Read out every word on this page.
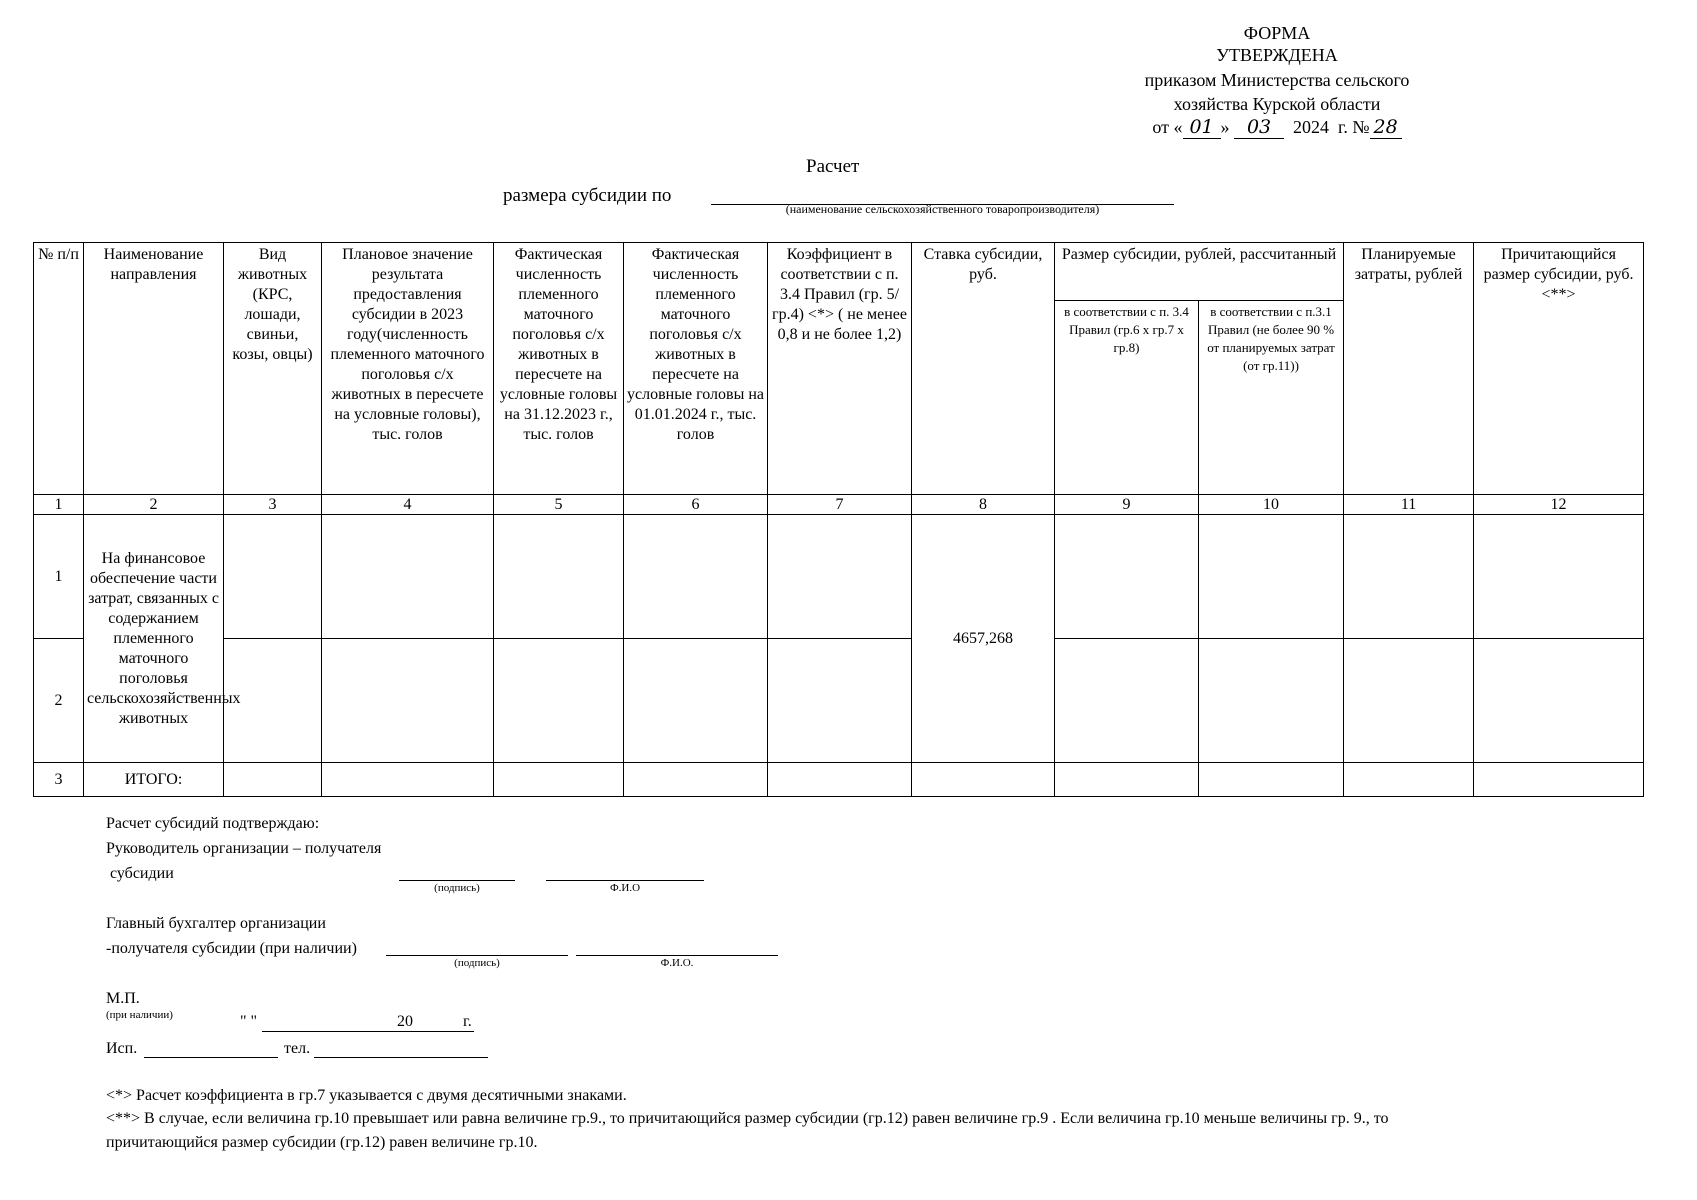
ФОРМА
УТВЕРЖДЕНА
приказом Министерства сельского
хозяйства Курской области
от « 01 » 03 2024 г. № 28
Расчет
размера субсидии по
(наименование сельскохозяйственного товаропроизводителя)
№ п/п	Наименование направления	Вид животных (КРС, лошади, свиньи, козы, овцы)	Плановое значение результата предоставления субсидии в 2023 году(численность племенного маточного поголовья с/х животных в пересчете на условные головы), тыс. голов	Фактическая численность племенного маточного поголовья с/х животных в пересчете на условные головы на 31.12.2023 г., тыс. голов	Фактическая численность племенного маточного поголовья с/х животных в пересчете на условные головы на 01.01.2024 г., тыс. голов	Коэффициент в соответствии с п. 3.4 Правил (гр. 5/гр.4) <*> ( не менее 0,8 и не более 1,2)	Ставка субсидии, руб.	Размер субсидии, рублей, рассчитанный		Планируемые затраты, рублей	Причитающийся размер субсидии, руб. <**>
								в соответствии с п. 3.4 Правил (гр.6 х гр.7 х гр.8)	в соответствии с п.3.1 Правил (не более 90 % от планируемых затрат (от гр.11))		
1	2	3	4	5	6	7	8	9	10	11	12
1	На финансовое обеспечение части затрат, связанных с содержанием племенного маточного поголовья сельскохозяйственных животных						4657,268				
2											
3	ИТОГО:										
Расчет субсидий подтверждаю:
Руководитель организации – получателя
субсидии
(подпись)	Ф.И.О
Главный бухгалтер организации
-получателя субсидии (при наличии)
(подпись)	Ф.И.О.
М.П.
(при наличии)	" "	20	г.
Исп.	тел.
<*> Расчет коэффициента в гр.7 указывается с двумя десятичными знаками.
<**> В случае, если величина гр.10 превышает или равна величине гр.9., то причитающийся размер субсидии (гр.12) равен величине гр.9 . Если величина гр.10 меньше величины гр. 9., то
причитающийся размер субсидии (гр.12) равен величине гр.10.
